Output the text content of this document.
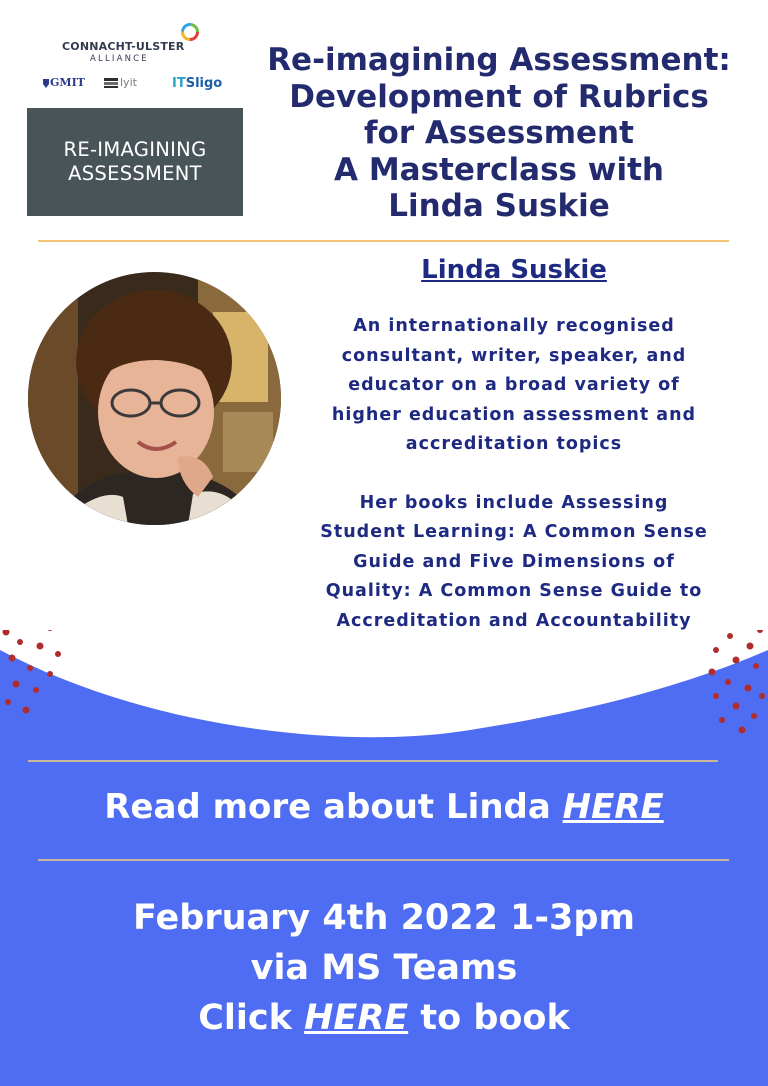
CONNACHT-ULSTER
ALLIANCE
GMIT	lyit	ITSligo
RE-IMAGINING
ASSESSMENT
Re-imagining Assessment:
Development of Rubrics
for Assessment
A Masterclass with
Linda Suskie
Linda Suskie
An internationally recognised
consultant, writer, speaker, and
educator on a broad variety of
higher education assessment and
accreditation topics
Her books include Assessing
Student Learning: A Common Sense
Guide and Five Dimensions of
Quality: A Common Sense Guide to
Accreditation and Accountability
Read more about Linda HERE
February 4th 2022 1-3pm
via MS Teams
Click HERE to book
